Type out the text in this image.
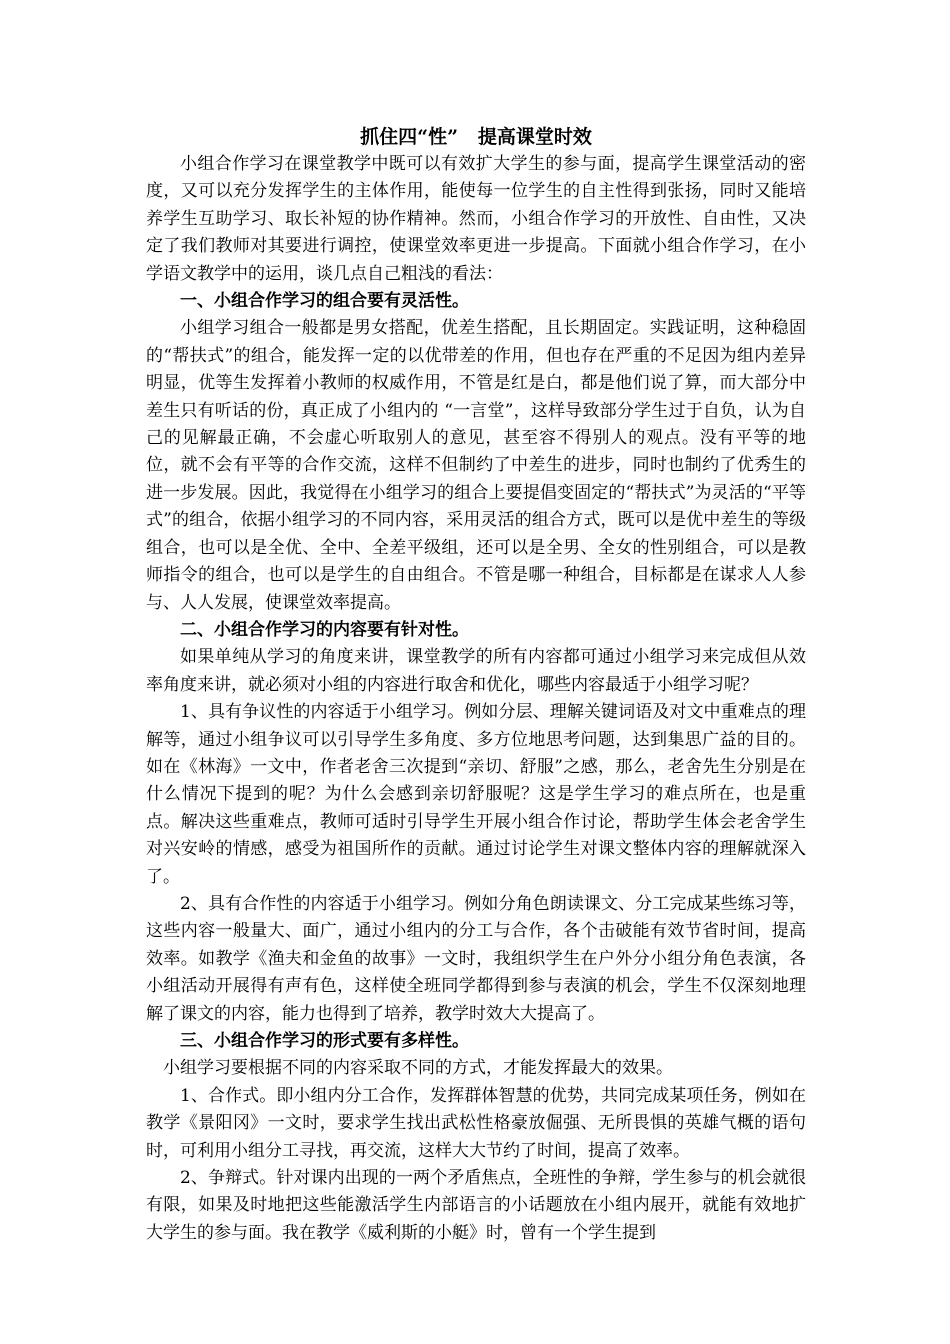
抓住四“性”   提高课堂时效

小组合作学习在课堂教学中既可以有效扩大学生的参与面，提高学生课堂活动的密度，又可以充分发挥学生的主体作用，能使每一位学生的自主性得到张扬，同时又能培养学生互助学习、取长补短的协作精神。然而，小组合作学习的开放性、自由性，又决定了我们教师对其要进行调控，使课堂效率更进一步提高。下面就小组合作学习，在小学语文教学中的运用，谈几点自己粗浅的看法：

一、小组合作学习的组合要有灵活性。

小组学习组合一般都是男女搭配，优差生搭配，且长期固定。实践证明，这种稳固的“帮扶式”的组合，能发挥一定的以优带差的作用，但也存在严重的不足因为组内差异明显，优等生发挥着小教师的权威作用，不管是红是白，都是他们说了算，而大部分中差生只有听话的份，真正成了小组内的 “一言堂”，这样导致部分学生过于自负，认为自己的见解最正确，不会虚心听取别人的意见，甚至容不得别人的观点。没有平等的地位，就不会有平等的合作交流，这样不但制约了中差生的进步，同时也制约了优秀生的进一步发展。因此，我觉得在小组学习的组合上要提倡变固定的“帮扶式”为灵活的“平等式”的组合，依据小组学习的不同内容，采用灵活的组合方式，既可以是优中差生的等级组合，也可以是全优、全中、全差平级组，还可以是全男、全女的性别组合，可以是教师指令的组合，也可以是学生的自由组合。不管是哪一种组合，目标都是在谋求人人参与、人人发展，使课堂效率提高。

二、小组合作学习的内容要有针对性。

如果单纯从学习的角度来讲，课堂教学的所有内容都可通过小组学习来完成但从效率角度来讲，就必须对小组的内容进行取舍和优化，哪些内容最适于小组学习呢？

1、具有争议性的内容适于小组学习。例如分层、理解关键词语及对文中重难点的理解等，通过小组争议可以引导学生多角度、多方位地思考问题，达到集思广益的目的。如在《林海》一文中，作者老舍三次提到“亲切、舒服”之感，那么，老舍先生分别是在什么情况下提到的呢？为什么会感到亲切舒服呢？这是学生学习的难点所在，也是重点。解决这些重难点，教师可适时引导学生开展小组合作讨论，帮助学生体会老舍学生对兴安岭的情感，感受为祖国所作的贡献。通过讨论学生对课文整体内容的理解就深入了。

2、具有合作性的内容适于小组学习。例如分角色朗读课文、分工完成某些练习等，这些内容一般量大、面广，通过小组内的分工与合作，各个击破能有效节省时间，提高效率。如教学《渔夫和金鱼的故事》一文时，我组织学生在户外分小组分角色表演，各小组活动开展得有声有色，这样使全班同学都得到参与表演的机会，学生不仅深刻地理解了课文的内容，能力也得到了培养，教学时效大大提高了。

三、小组合作学习的形式要有多样性。

小组学习要根据不同的内容采取不同的方式，才能发挥最大的效果。

1、合作式。即小组内分工合作，发挥群体智慧的优势，共同完成某项任务，例如在教学《景阳冈》一文时，要求学生找出武松性格豪放倔强、无所畏惧的英雄气概的语句时，可利用小组分工寻找，再交流，这样大大节约了时间，提高了效率。

2、争辩式。针对课内出现的一两个矛盾焦点，全班性的争辩，学生参与的机会就很有限，如果及时地把这些能激活学生内部语言的小话题放在小组内展开，就能有效地扩大学生的参与面。我在教学《威利斯的小艇》时，曾有一个学生提到
